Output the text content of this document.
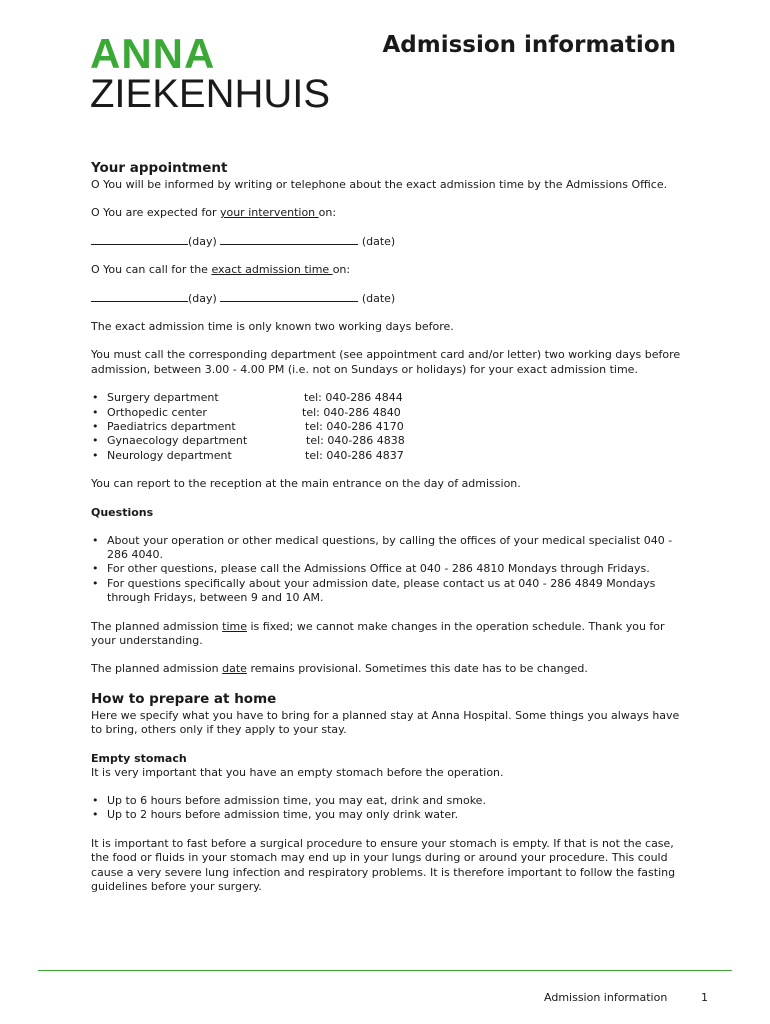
ANNA
ZIEKENHUIS
Admission information
Your appointment

O You will be informed by writing or telephone about the exact admission time by the Admissions Office.

O You are expected for your intervention on:

(day)	(date)

O You can call for the exact admission time on:

(day)	(date)

The exact admission time is only known two working days before.

You must call the corresponding department (see appointment card and/or letter) two working days before admission, between 3.00 - 4.00 PM (i.e. not on Sundays or holidays) for your exact admission time.

• Surgery department	tel: 040-286 4844
• Orthopedic center	tel: 040-286 4840
• Paediatrics department	tel: 040-286 4170
• Gynaecology department	tel: 040-286 4838
• Neurology department	tel: 040-286 4837

You can report to the reception at the main entrance on the day of admission.

Questions
• About your operation or other medical questions, by calling the offices of your medical specialist 040 - 286 4040.
• For other questions, please call the Admissions Office at 040 - 286 4810 Mondays through Fridays.
• For questions specifically about your admission date, please contact us at 040 - 286 4849 Mondays through Fridays, between 9 and 10 AM.

The planned admission time is fixed; we cannot make changes in the operation schedule. Thank you for your understanding.

The planned admission date remains provisional. Sometimes this date has to be changed.

How to prepare at home

Here we specify what you have to bring for a planned stay at Anna Hospital. Some things you always have to bring, others only if they apply to your stay.

Empty stomach

It is very important that you have an empty stomach before the operation.

• Up to 6 hours before admission time, you may eat, drink and smoke.
• Up to 2 hours before admission time, you may only drink water.

It is important to fast before a surgical procedure to ensure your stomach is empty. If that is not the case, the food or fluids in your stomach may end up in your lungs during or around your procedure. This could cause a very severe lung infection and respiratory problems. It is therefore important to follow the fasting guidelines before your surgery.

Admission information	1
